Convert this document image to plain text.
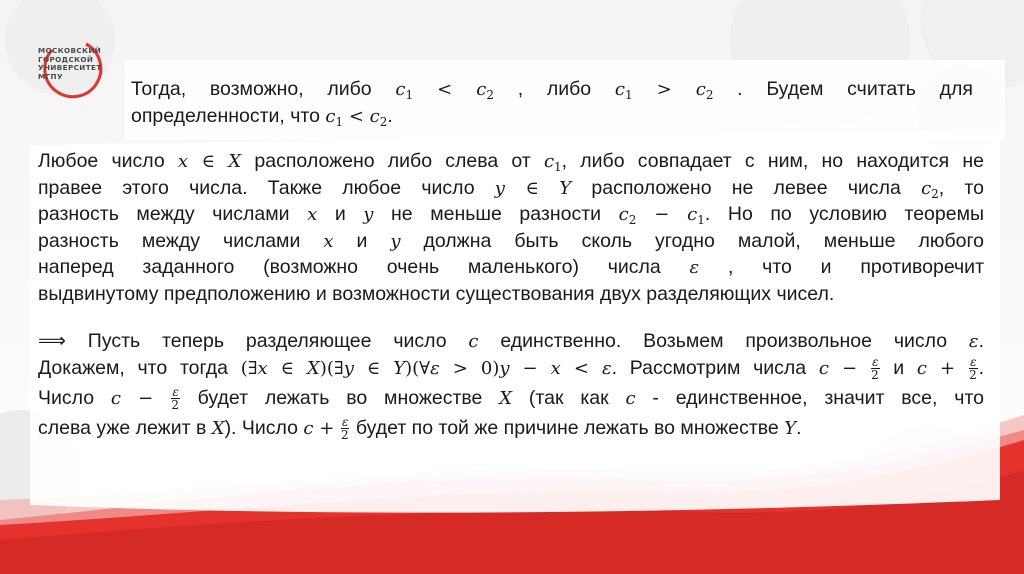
МОСКОВСКИЙ
ГОРОДСКОЙ
УНИВЕРСИТЕТ
МГПУ
Тогда, возможно, либо $c_1 < c_2$ , либо $c_1 > c_2$ . Будем считать для
определенности, что $c_1 < c_2$.
Любое число x ∈ X расположено либо слева от $c_1$, либо совпадает с ним, но находится не
правее этого числа. Также любое число y ∈ Y расположено не левее числа $c_2$, то
разность между числами x и y не меньше разности $c_2 - c_1$. Но по условию теоремы
разность между числами x и y должна быть сколь угодно малой, меньше любого
наперед заданного (возможно очень маленького) числа ε , что и противоречит
выдвинутому предположению и возможности существования двух разделяющих чисел.
⟹ Пусть теперь разделяющее число c единственно. Возьмем произвольное число ε.
Докажем, что тогда (∃x ∈ X)(∃y ∈ Y)(∀ε > 0)y − x < ε. Рассмотрим числа $c - \frac{\varepsilon}{2}$ и $c + \frac{\varepsilon}{2}$ .
Число $c - \frac{\varepsilon}{2}$ будет лежать во множестве X (так как c - единственное, значит все, что
слева уже лежит в X). Число $c + \frac{\varepsilon}{2}$ будет по той же причине лежать во множестве Y.
